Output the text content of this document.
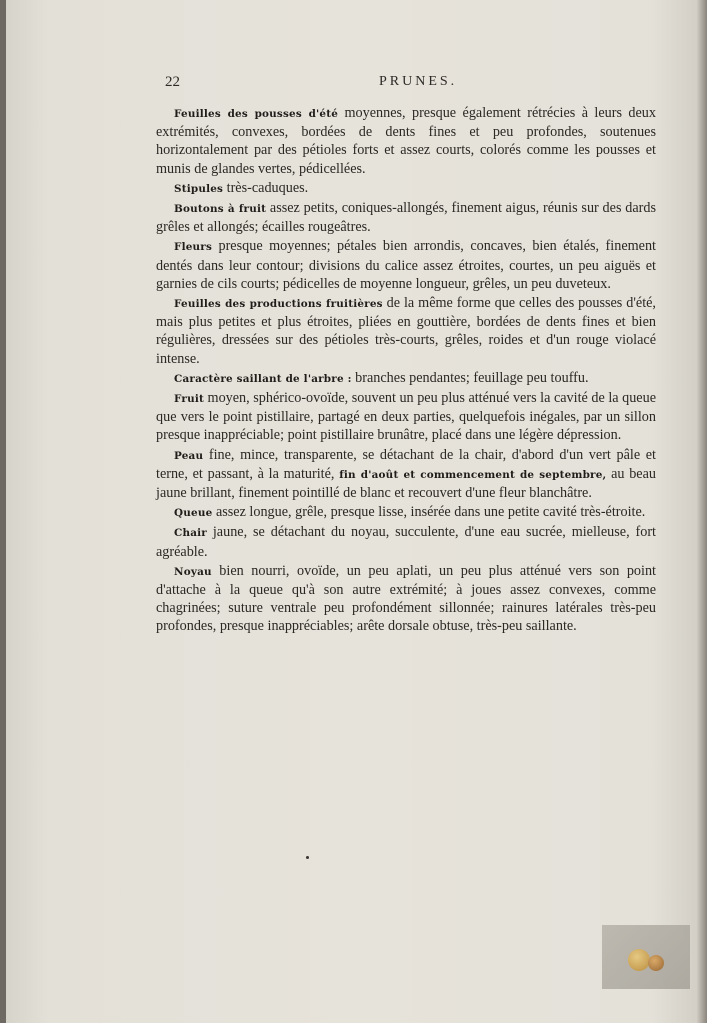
22	PRUNES.

Feuilles des pousses d'été moyennes, presque également rétrécies à leurs deux extrémités, convexes, bordées de dents fines et peu profondes, soutenues horizontalement par des pétioles forts et assez courts, colorés comme les pousses et munis de glandes vertes, pédicellées.

Stipules très-caduques.

Boutons à fruit assez petits, coniques-allongés, finement aigus, réunis sur des dards grêles et allongés; écailles rougeâtres.

Fleurs presque moyennes; pétales bien arrondis, concaves, bien étalés, finement dentés dans leur contour; divisions du calice assez étroites, courtes, un peu aiguës et garnies de cils courts; pédicelles de moyenne longueur, grêles, un peu duveteux.

Feuilles des productions fruitières de la même forme que celles des pousses d'été, mais plus petites et plus étroites, pliées en gouttière, bordées de dents fines et bien régulières, dressées sur des pétioles très-courts, grêles, roides et d'un rouge violacé intense.

Caractère saillant de l'arbre : branches pendantes; feuillage peu touffu.

Fruit moyen, sphérico-ovoïde, souvent un peu plus atténué vers la cavité de la queue que vers le point pistillaire, partagé en deux parties, quelquefois inégales, par un sillon presque inappréciable; point pistillaire brunâtre, placé dans une légère dépression.

Peau fine, mince, transparente, se détachant de la chair, d'abord d'un vert pâle et terne, et passant, à la maturité, fin d'août et commencement de septembre, au beau jaune brillant, finement pointillé de blanc et recouvert d'une fleur blanchâtre.

Queue assez longue, grêle, presque lisse, insérée dans une petite cavité très-étroite.

Chair jaune, se détachant du noyau, succulente, d'une eau sucrée, mielleuse, fort agréable.

Noyau bien nourri, ovoïde, un peu aplati, un peu plus atténué vers son point d'attache à la queue qu'à son autre extrémité; à joues assez convexes, comme chagrinées; suture ventrale peu profondément sillonnée; rainures latérales très-peu profondes, presque inappréciables; arête dorsale obtuse, très-peu saillante.
